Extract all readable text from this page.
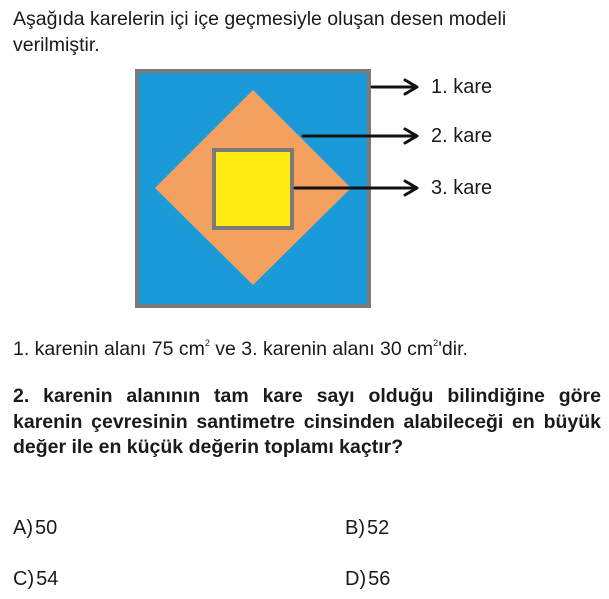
Aşağıda karelerin içi içe geçmesiyle oluşan desen modeli
verilmiştir.
1. kare
2. kare
3. kare

1. karenin alanı 75 $cm^2$ ve 3. karenin alanı 30 $cm^2'dir$.

2. karenin alanının tam kare sayı olduğu bilindiğine göre karenin çevresinin santimetre cinsinden alabileceği en büyük değer ile en küçük değerin toplamı kaçtır?

A) 50	B) 52
C) 54	D) 56
